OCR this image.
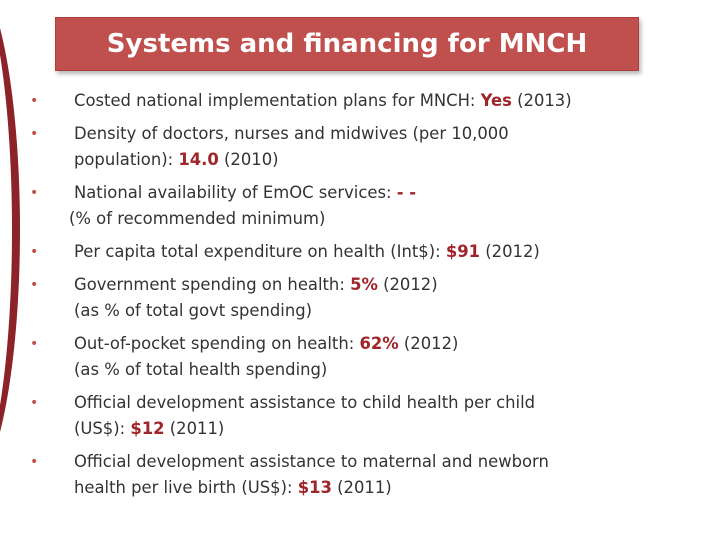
Systems and financing for MNCH
• Costed national implementation plans for MNCH: Yes (2013)
• Density of doctors, nurses and midwives (per 10,000
population): 14.0 (2010)
• National availability of EmOC services: - -
(% of recommended minimum)
• Per capita total expenditure on health (Int$): $91 (2012)
• Government spending on health: 5% (2012)
(as % of total govt spending)
• Out-of-pocket spending on health: 62% (2012)
(as % of total health spending)
• Official development assistance to child health per child
(US$): $12 (2011)
• Official development assistance to maternal and newborn
health per live birth (US$): $13 (2011)
